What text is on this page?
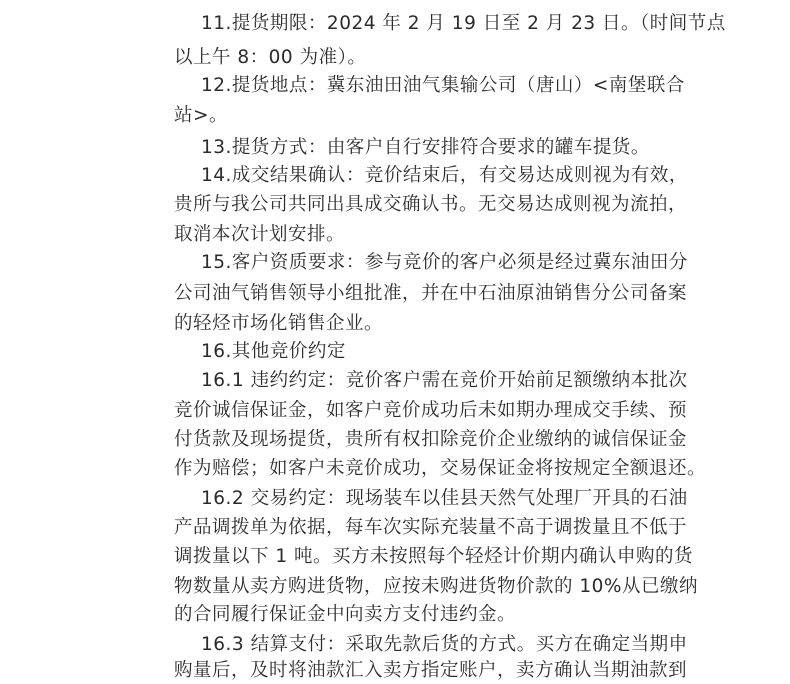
11.提货期限：2024 年 2 月 19 日至 2 月 23 日。（时间节点
以上午 8：00 为准）。
12.提货地点：冀东油田油气集输公司（唐山）<南堡联合
站>。
13.提货方式：由客户自行安排符合要求的罐车提货。
14.成交结果确认：竞价结束后，有交易达成则视为有效，
贵所与我公司共同出具成交确认书。无交易达成则视为流拍，
取消本次计划安排。
15.客户资质要求：参与竞价的客户必须是经过冀东油田分
公司油气销售领导小组批准，并在中石油原油销售分公司备案
的轻烃市场化销售企业。
16.其他竞价约定
16.1 违约约定：竞价客户需在竞价开始前足额缴纳本批次
竞价诚信保证金，如客户竞价成功后未如期办理成交手续、预
付货款及现场提货，贵所有权扣除竞价企业缴纳的诚信保证金
作为赔偿；如客户未竞价成功，交易保证金将按规定全额退还。
16.2 交易约定：现场装车以佳县天然气处理厂开具的石油
产品调拨单为依据，每车次实际充装量不高于调拨量且不低于
调拨量以下 1 吨。买方未按照每个轻烃计价期内确认申购的货
物数量从卖方购进货物，应按未购进货物价款的 10%从已缴纳
的合同履行保证金中向卖方支付违约金。
16.3 结算支付：采取先款后货的方式。买方在确定当期申
购量后，及时将油款汇入卖方指定账户，卖方确认当期油款到
